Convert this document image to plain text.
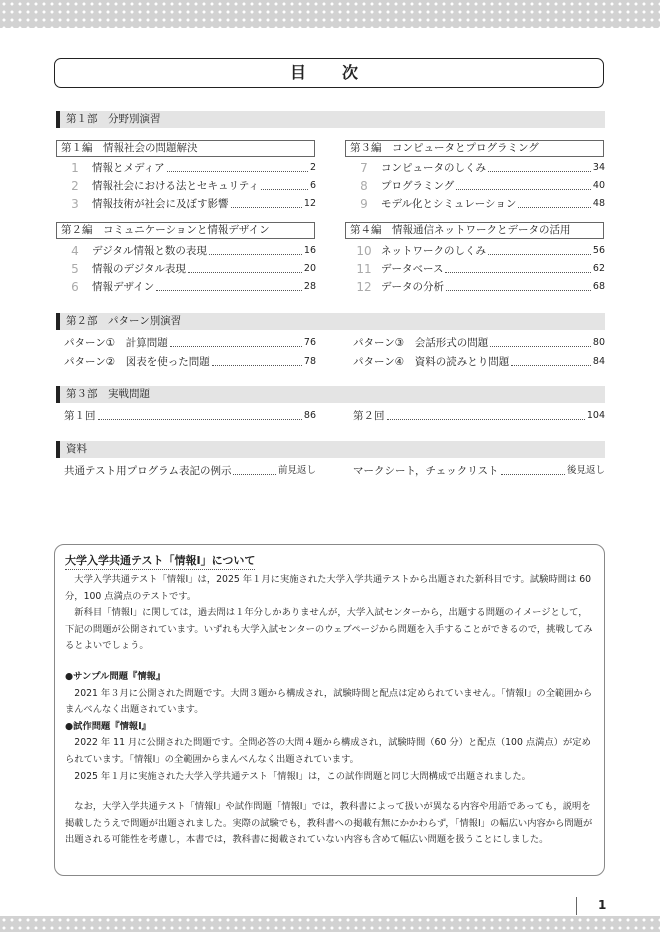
目　次
第１部　分野別演習
第１編　情報社会の問題解決
1	情報とメディア	2
2	情報社会における法とセキュリティ	6
3	情報技術が社会に及ぼす影響	12
第２編　コミュニケーションと情報デザイン
4	デジタル情報と数の表現	16
5	情報のデジタル表現	20
6	情報デザイン	28
第３編　コンピュータとプログラミング
7	コンピュータのしくみ	34
8	プログラミング	40
9	モデル化とシミュレーション	48
第４編　情報通信ネットワークとデータの活用
10 ネットワークのしくみ	56
11 データベース	62
12 データの分析	68
第２部　パターン別演習
パターン①　計算問題	76
パターン②　図表を使った問題	78
パターン③　会話形式の問題	80
パターン④　資料の読みとり問題	84
第３部　実戦問題
第１回	86	第２回	104
資料
共通テスト用プログラム表記の例示	前見返し	マークシート，チェックリスト	後見返し
大学入学共通テスト「情報Ⅰ」について

大学入学共通テスト「情報Ⅰ」は，2025 年１月に実施された大学入学共通テストから出題された新科目です。試験時間は 60 分，100 点満点のテストです。

新科目「情報Ⅰ」に関しては，過去問は１年分しかありませんが，大学入試センターから，出題する問題のイメージとして，下記の問題が公開されています。いずれも大学入試センターのウェブページから問題を入手することができるので，挑戦してみるとよいでしょう。

●サンプル問題『情報』

2021 年３月に公開された問題です。大問３題から構成され，試験時間と配点は定められていません。「情報Ⅰ」の全範囲からまんべんなく出題されています。

●試作問題『情報Ⅰ』

2022 年 11 月に公開された問題です。全問必答の大問４題から構成され，試験時間（60 分）と配点（100 点満点）が定められています。「情報Ⅰ」の全範囲からまんべんなく出題されています。

2025 年１月に実施された大学入学共通テスト「情報Ⅰ」は，この試作問題と同じ大問構成で出題されました。

なお，大学入学共通テスト「情報Ⅰ」や試作問題「情報Ⅰ」では，教科書によって扱いが異なる内容や用語であっても，説明を掲載したうえで問題が出題されました。実際の試験でも，教科書への掲載有無にかかわらず，「情報Ⅰ」の幅広い内容から問題が出題される可能性を考慮し，本書では，教科書に掲載されていない内容も含めて幅広い問題を扱うことにしました。

1
